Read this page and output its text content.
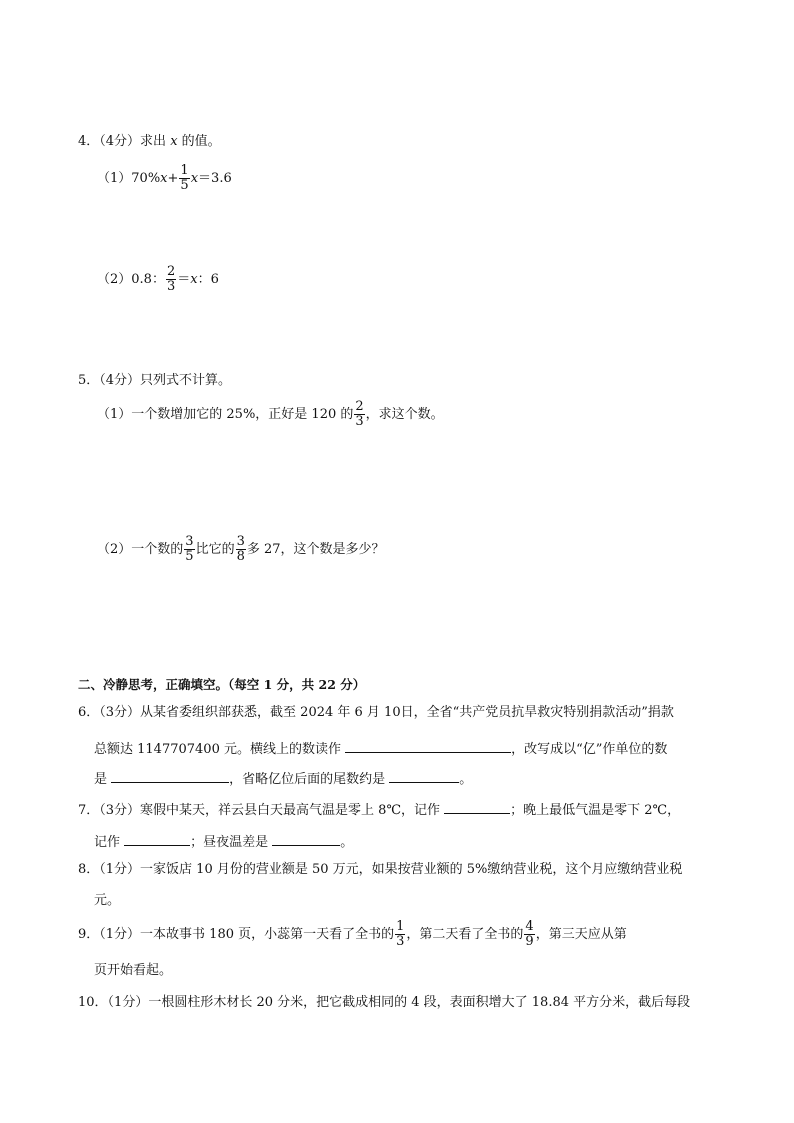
4．（4分）求出 x 的值。
$(1)70\%x+ \frac{1}{5} x=3.6$
（2）0.8： $\frac{2}{3} =x$：6
5．（4分）只列式不计算。
（1）一个数增加它的 25%，正好是 120 的 $\frac{2}{3}$ ，求这个数。
（2）一个数的 $\frac{3}{5}$ 比它的 $\frac{3}{8}$ 多 27，这个数是多少？
二、冷静思考，正确填空。（每空 1 分，共 22 分）
6．（3分）从某省委组织部获悉，截至 2024 年 6 月 10日，全省“共产党员抗旱救灾特别捐款活动”捐款
总额达 1147707400 元。横线上的数读作	，改写成以“亿”作单位的数
是	，省略亿位后面的尾数约是	。
7．（3分）寒假中某天，祥云县白天最高气温是零上 8℃，记作	；晚上最低气温是零下 2℃，
记作	；昼夜温差是	。
8．（1分）一家饭店 10 月份的营业额是 50 万元，如果按营业额的 5%缴纳营业税，这个月应缴纳营业税
元。
9．（1分）一本故事书 180 页，小蕊第一天看了全书的 $\frac{1}{3}$ ，第二天看了全书的 $\frac{4}{9}$ ，第三天应从第
页开始看起。
10．（1分）一根圆柱形木材长 20 分米，把它截成相同的 4 段，表面积增大了 18.84 平方分米，截后每段
